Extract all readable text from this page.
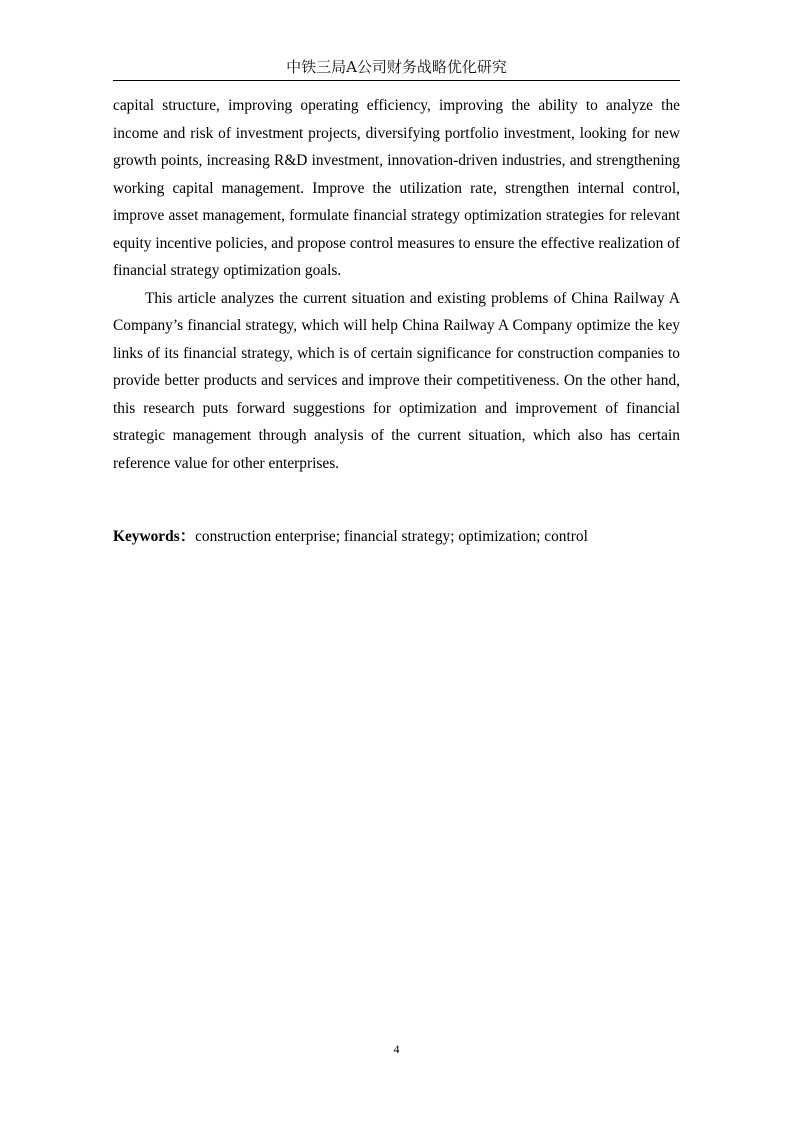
中铁三局A公司财务战略优化研究

capital structure, improving operating efficiency, improving the ability to analyze the income and risk of investment projects, diversifying portfolio investment, looking for new growth points, increasing R&D investment, innovation-driven industries, and strengthening working capital management. Improve the utilization rate, strengthen internal control, improve asset management, formulate financial strategy optimization strategies for relevant equity incentive policies, and propose control measures to ensure the effective realization of financial strategy optimization goals.

This article analyzes the current situation and existing problems of China Railway A Company’s financial strategy, which will help China Railway A Company optimize the key links of its financial strategy, which is of certain significance for construction companies to provide better products and services and improve their competitiveness. On the other hand, this research puts forward suggestions for optimization and improvement of financial strategic management through analysis of the current situation, which also has certain reference value for other enterprises.

Keywords：construction enterprise; financial strategy; optimization; control
4
